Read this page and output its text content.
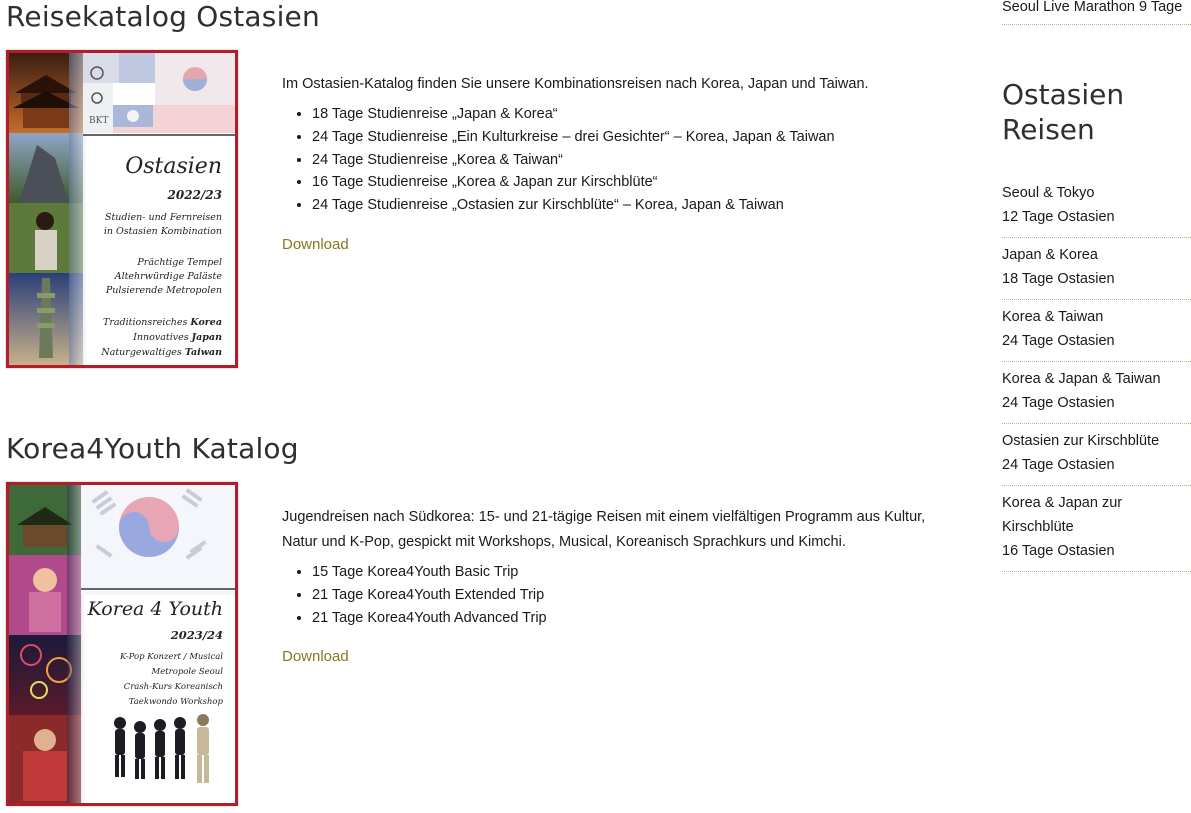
Reisekatalog Ostasien
BKT
Ostasien
2022/23
Studien- und Fernreisen
in Ostasien Kombination
Prächtige Tempel
Altehrwürdige Paläste
Pulsierende Metropolen
Traditionsreiches Korea
Innovatives Japan
Naturgewaltiges Taiwan

Im Ostasien-Katalog finden Sie unsere Kombinationsreisen nach Korea, Japan und Taiwan.

• 18 Tage Studienreise „Japan & Korea“
• 24 Tage Studienreise „Ein Kulturkreise – drei Gesichter“ – Korea, Japan & Taiwan
• 24 Tage Studienreise „Korea & Taiwan“
• 16 Tage Studienreise „Korea & Japan zur Kirschblüte“
• 24 Tage Studienreise „Ostasien zur Kirschblüte“ – Korea, Japan & Taiwan
Download
Korea4Youth Katalog
Korea 4 Youth
2023/24
K-Pop Konzert / Musical
Metropole Seoul
Crash-Kurs Koreanisch
Taekwondo Workshop

Jugendreisen nach Südkorea: 15- und 21-tägige Reisen mit einem vielfältigen Programm aus Kultur, Natur und K-Pop, gespickt mit Workshops, Musical, Koreanisch Sprachkurs und Kimchi.

• 15 Tage Korea4Youth Basic Trip
• 21 Tage Korea4Youth Extended Trip
• 21 Tage Korea4Youth Advanced Trip
Download
Seoul Live Marathon 9 Tage
Ostasien
Reisen
Seoul & Tokyo
12 Tage Ostasien
Japan & Korea
18 Tage Ostasien
Korea & Taiwan
24 Tage Ostasien
Korea & Japan & Taiwan
24 Tage Ostasien
Ostasien zur Kirschblüte
24 Tage Ostasien
Korea & Japan zur
Kirschblüte
16 Tage Ostasien
